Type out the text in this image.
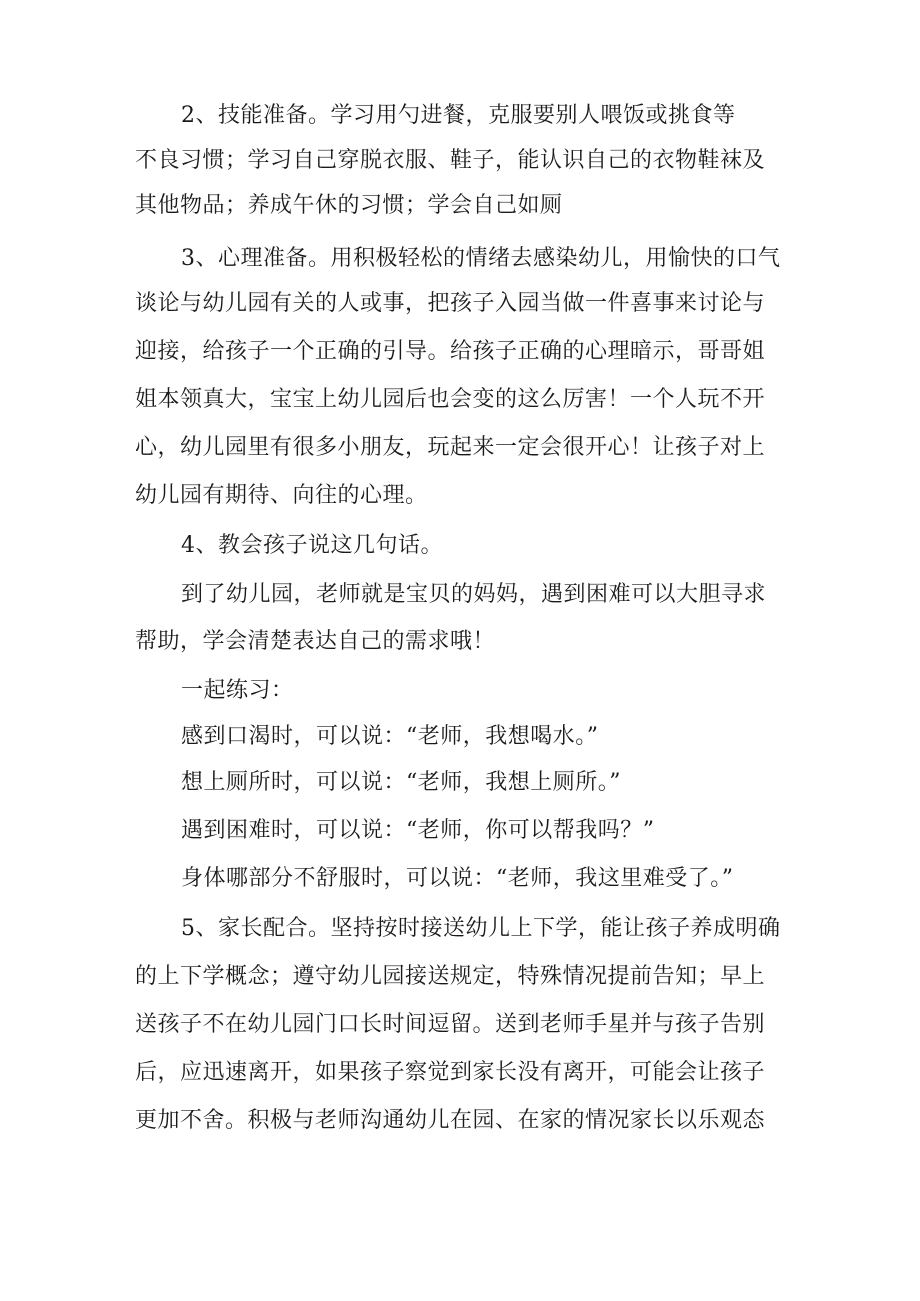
2、技能准备。学习用勺进餐，克服要别人喂饭或挑食等
不良习惯；学习自己穿脱衣服、鞋子，能认识自己的衣物鞋袜及
其他物品；养成午休的习惯；学会自己如厕
3、心理准备。用积极轻松的情绪去感染幼儿，用愉快的口气
谈论与幼儿园有关的人或事，把孩子入园当做一件喜事来讨论与
迎接，给孩子一个正确的引导。给孩子正确的心理暗示，哥哥姐
姐本领真大，宝宝上幼儿园后也会变的这么厉害！一个人玩不开
心，幼儿园里有很多小朋友，玩起来一定会很开心！让孩子对上
幼儿园有期待、向往的心理。
4、教会孩子说这几句话。
到了幼儿园，老师就是宝贝的妈妈，遇到困难可以大胆寻求
帮助，学会清楚表达自己的需求哦！
一起练习：
感到口渴时，可以说：“老师，我想喝水。”
想上厕所时，可以说：“老师，我想上厕所。”
遇到困难时，可以说：“老师，你可以帮我吗？”
身体哪部分不舒服时，可以说：“老师，我这里难受了。”
5、家长配合。坚持按时接送幼儿上下学，能让孩子养成明确
的上下学概念；遵守幼儿园接送规定，特殊情况提前告知；早上
送孩子不在幼儿园门口长时间逗留。送到老师手星并与孩子告别
后，应迅速离开，如果孩子察觉到家长没有离开，可能会让孩子
更加不舍。积极与老师沟通幼儿在园、在家的情况家长以乐观态
